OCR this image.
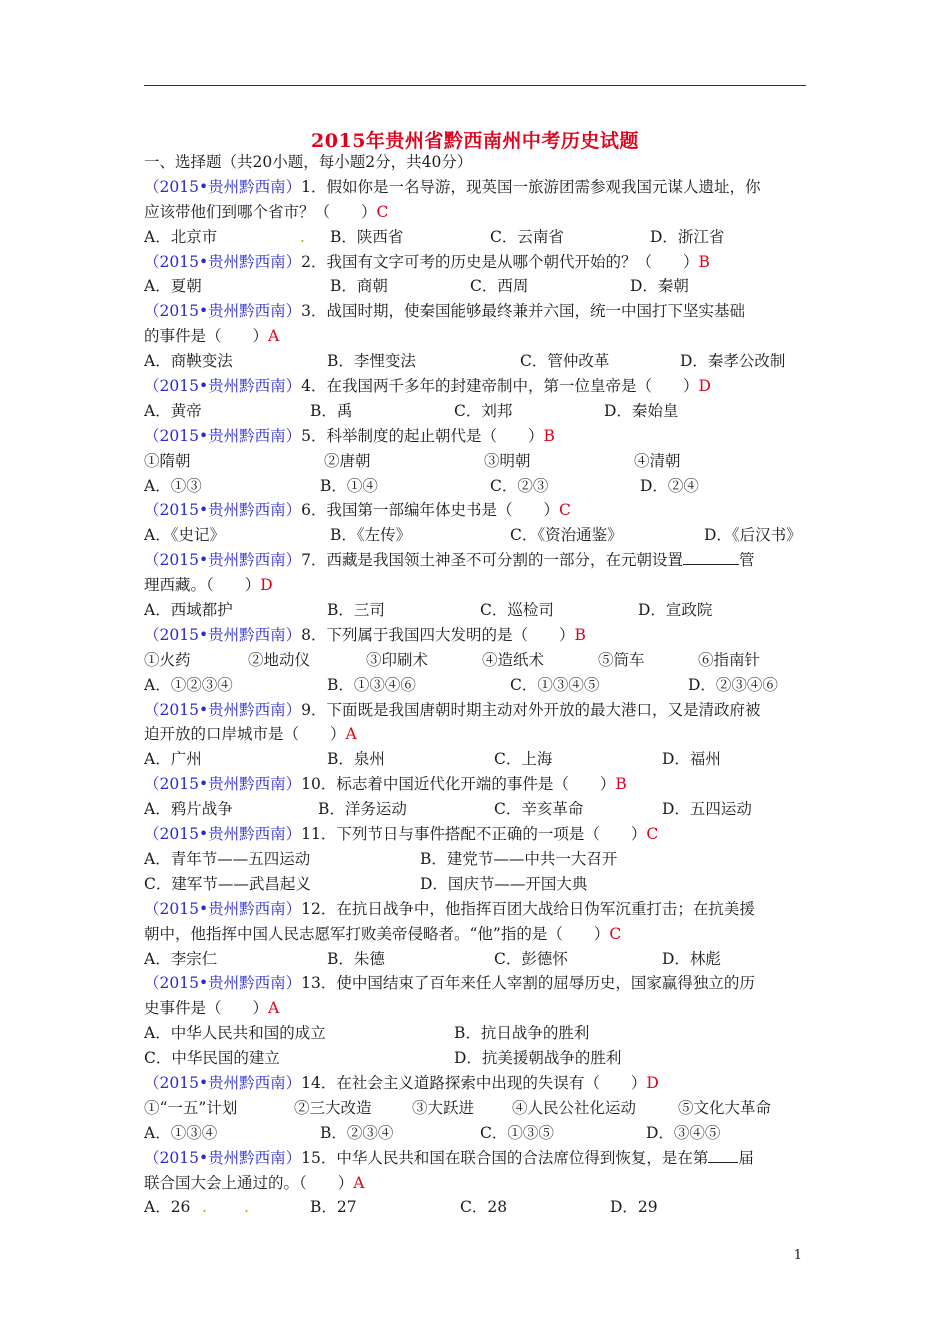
2015年贵州省黔西南州中考历史试题
一、选择题（共20小题，每小题2分，共40分）
（2015•贵州黔西南）1．假如你是一名导游，现英国一旅游团需参观我国元谋人遗址，你
应该带他们到哪个省市？（　　）C
A．北京市	. B．陕西省	C．云南省	D．浙江省
（2015•贵州黔西南）2．我国有文字可考的历史是从哪个朝代开始的？（　　）B
A．夏朝	B．商朝	C．西周	D．秦朝
（2015•贵州黔西南）3．战国时期，使秦国能够最终兼并六国，统一中国打下坚实基础
的事件是（　　）A
A．商鞅变法	B．李悝变法	C．管仲改革	D．秦孝公改制
（2015•贵州黔西南）4．在我国两千多年的封建帝制中，第一位皇帝是（　　）D
A．黄帝	B．禹	C．刘邦	D．秦始皇
（2015•贵州黔西南）5．科举制度的起止朝代是（　　）B
①隋朝	②唐朝	③明朝	④清朝
A．①③	B．①④	C．②③	D．②④
（2015•贵州黔西南）6．我国第一部编年体史书是（　　）C
A．《史记》	B．《左传》	C．《资治通鉴》	D．《后汉书》
（2015•贵州黔西南）7．西藏是我国领土神圣不可分割的一部分，在元朝设置	管
理西藏。（　　）D
A．西域都护	B．三司	C．巡检司	D．宣政院
（2015•贵州黔西南）8．下列属于我国四大发明的是（　　）B
①火药	②地动仪	③印刷术	④造纸术	⑤筒车	⑥指南针
A．①②③④	B．①③④⑥	C．①③④⑤	D．②③④⑥
（2015•贵州黔西南）9．下面既是我国唐朝时期主动对外开放的最大港口，又是清政府被
迫开放的口岸城市是（　　）A
A．广州	B．泉州	C．上海	D．福州
（2015•贵州黔西南）10．标志着中国近代化开端的事件是（　　）B
A．鸦片战争	B．洋务运动	C．辛亥革命	D．五四运动
（2015•贵州黔西南）11．下列节日与事件搭配不正确的一项是（　　）C
A．青年节——五四运动	B．建党节——中共一大召开
C．建军节——武昌起义	D．国庆节——开国大典
（2015•贵州黔西南）12．在抗日战争中，他指挥百团大战给日伪军沉重打击；在抗美援
朝中，他指挥中国人民志愿军打败美帝侵略者。“他”指的是（　　）C
A．李宗仁	B．朱德	C．彭德怀	D．林彪
（2015•贵州黔西南）13．使中国结束了百年来任人宰割的屈辱历史，国家赢得独立的历
史事件是（　　）A
A．中华人民共和国的成立	B．抗日战争的胜利
C．中华民国的建立	D．抗美援朝战争的胜利
（2015•贵州黔西南）14．在社会主义道路探索中出现的失误有（　　）D
①“一五”计划	②三大改造	③大跃进 ④人民公社化运动	⑤文化大革命
A．①③④	B．②③④	C．①③⑤	D．③④⑤
（2015•贵州黔西南）15．中华人民共和国在联合国的合法席位得到恢复，是在第 届
联合国大会上通过的。（　　）A
A．26 . .	B．27	C．28	D．29
1
